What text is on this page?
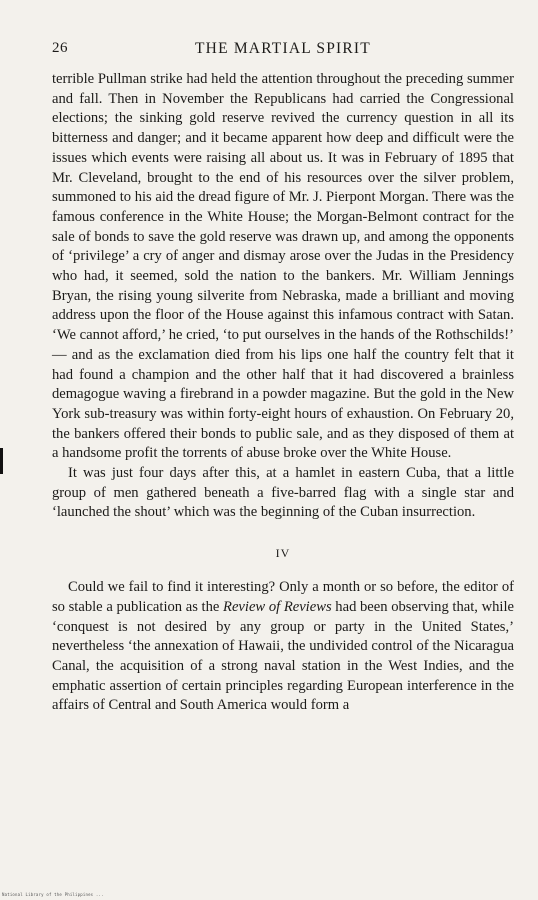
26	THE MARTIAL SPIRIT

terrible Pullman strike had held the attention throughout the preceding summer and fall. Then in November the Republicans had carried the Congressional elections; the sinking gold reserve revived the currency question in all its bitterness and danger; and it became apparent how deep and difficult were the issues which events were raising all about us. It was in February of 1895 that Mr. Cleveland, brought to the end of his resources over the silver problem, summoned to his aid the dread figure of Mr. J. Pierpont Morgan. There was the famous conference in the White House; the Morgan-Belmont contract for the sale of bonds to save the gold reserve was drawn up, and among the opponents of ‘privilege’ a cry of anger and dismay arose over the Judas in the Presidency who had, it seemed, sold the nation to the bankers. Mr. William Jennings Bryan, the rising young silverite from Nebraska, made a brilliant and moving address upon the floor of the House against this infamous contract with Satan. ‘We cannot afford,’ he cried, ‘to put ourselves in the hands of the Rothschilds!’ — and as the exclamation died from his lips one half the country felt that it had found a champion and the other half that it had discovered a brainless demagogue waving a firebrand in a powder magazine. But the gold in the New York sub-treasury was within forty-eight hours of exhaustion. On February 20, the bankers offered their bonds to public sale, and as they disposed of them at a handsome profit the torrents of abuse broke over the White House.

It was just four days after this, at a hamlet in eastern Cuba, that a little group of men gathered beneath a five-barred flag with a single star and ‘launched the shout’ which was the beginning of the Cuban insurrection.

IV

Could we fail to find it interesting? Only a month or so before, the editor of so stable a publication as the Review of Reviews had been observing that, while ‘conquest is not desired by any group or party in the United States,’ nevertheless ‘the annexation of Hawaii, the undivided control of the Nicaragua Canal, the acquisition of a strong naval station in the West Indies, and the emphatic assertion of certain principles regarding European interference in the affairs of Central and South America would form a

National Library of the Philippines ...
